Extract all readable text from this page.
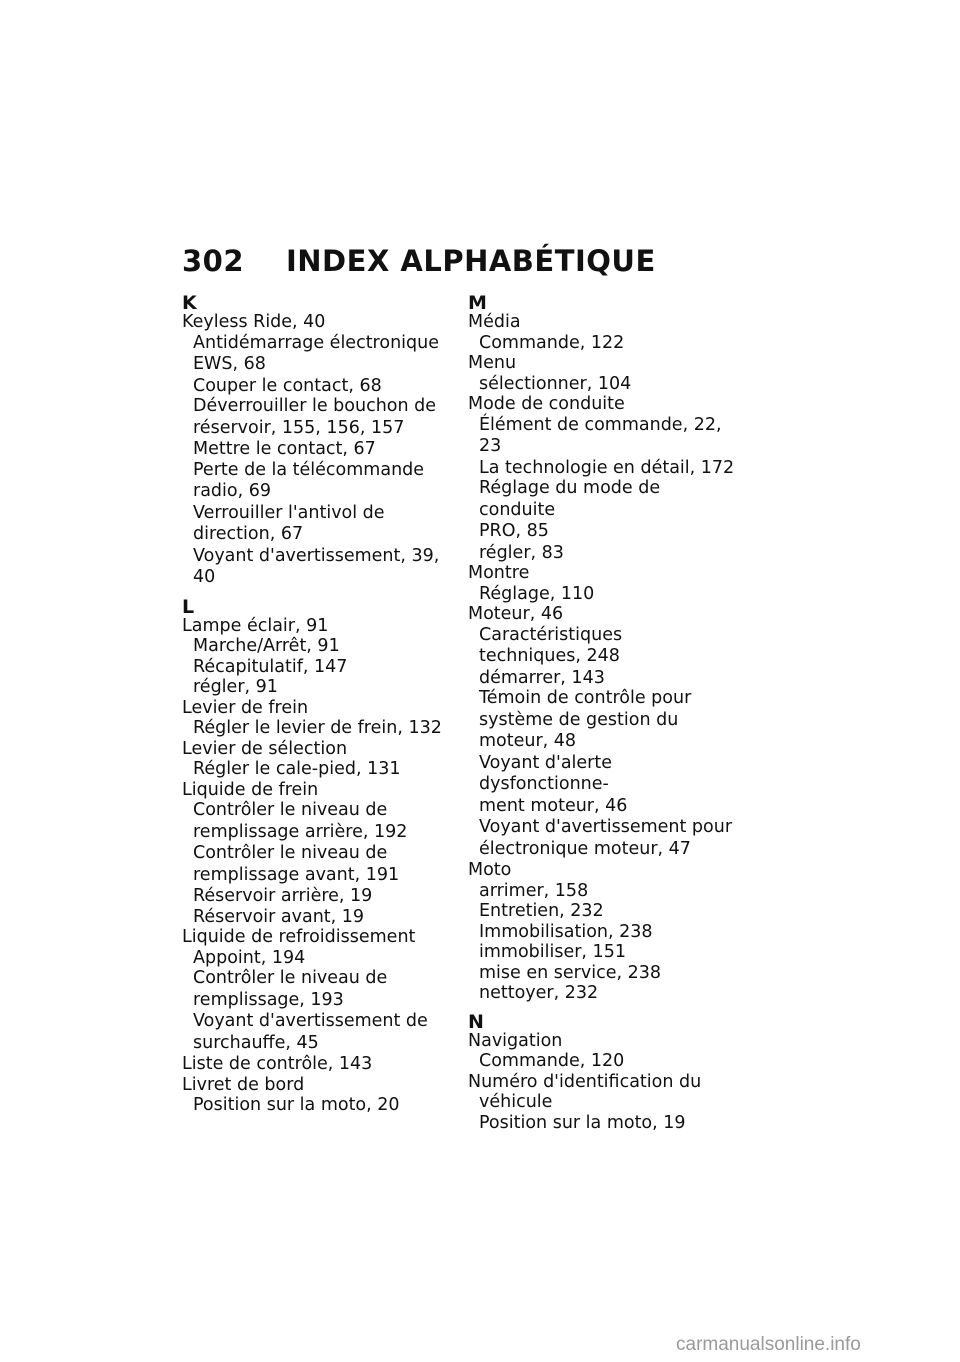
302 INDEX ALPHABÉTIQUE
K
Keyless Ride, 40
Antidémarrage électronique
EWS, 68
Couper le contact, 68
Déverrouiller le bouchon de
réservoir, 155, 156, 157
Mettre le contact, 67
Perte de la télécommande
radio, 69
Verrouiller l'antivol de
direction, 67
Voyant d'avertissement, 39,
40
L
Lampe éclair, 91
Marche/Arrêt, 91
Récapitulatif, 147
régler, 91
Levier de frein
Régler le levier de frein, 132
Levier de sélection
Régler le cale-pied, 131
Liquide de frein
Contrôler le niveau de
remplissage arrière, 192
Contrôler le niveau de
remplissage avant, 191
Réservoir arrière, 19
Réservoir avant, 19
Liquide de refroidissement
Appoint, 194
Contrôler le niveau de
remplissage, 193
Voyant d'avertissement de
surchauffe, 45
Liste de contrôle, 143
Livret de bord
Position sur la moto, 20
M
Média
Commande, 122
Menu
sélectionner, 104
Mode de conduite
Élément de commande, 22,
23
La technologie en détail, 172
Réglage du mode de conduite
PRO, 85
régler, 83
Montre
Réglage, 110
Moteur, 46
Caractéristiques
techniques, 248
démarrer, 143
Témoin de contrôle pour
système de gestion du
moteur, 48
Voyant d'alerte dysfonctionne-
ment moteur, 46
Voyant d'avertissement pour
électronique moteur, 47
Moto
arrimer, 158
Entretien, 232
Immobilisation, 238
immobiliser, 151
mise en service, 238
nettoyer, 232
N
Navigation
Commande, 120
Numéro d'identification du
véhicule
Position sur la moto, 19
carmanualsonline.info
